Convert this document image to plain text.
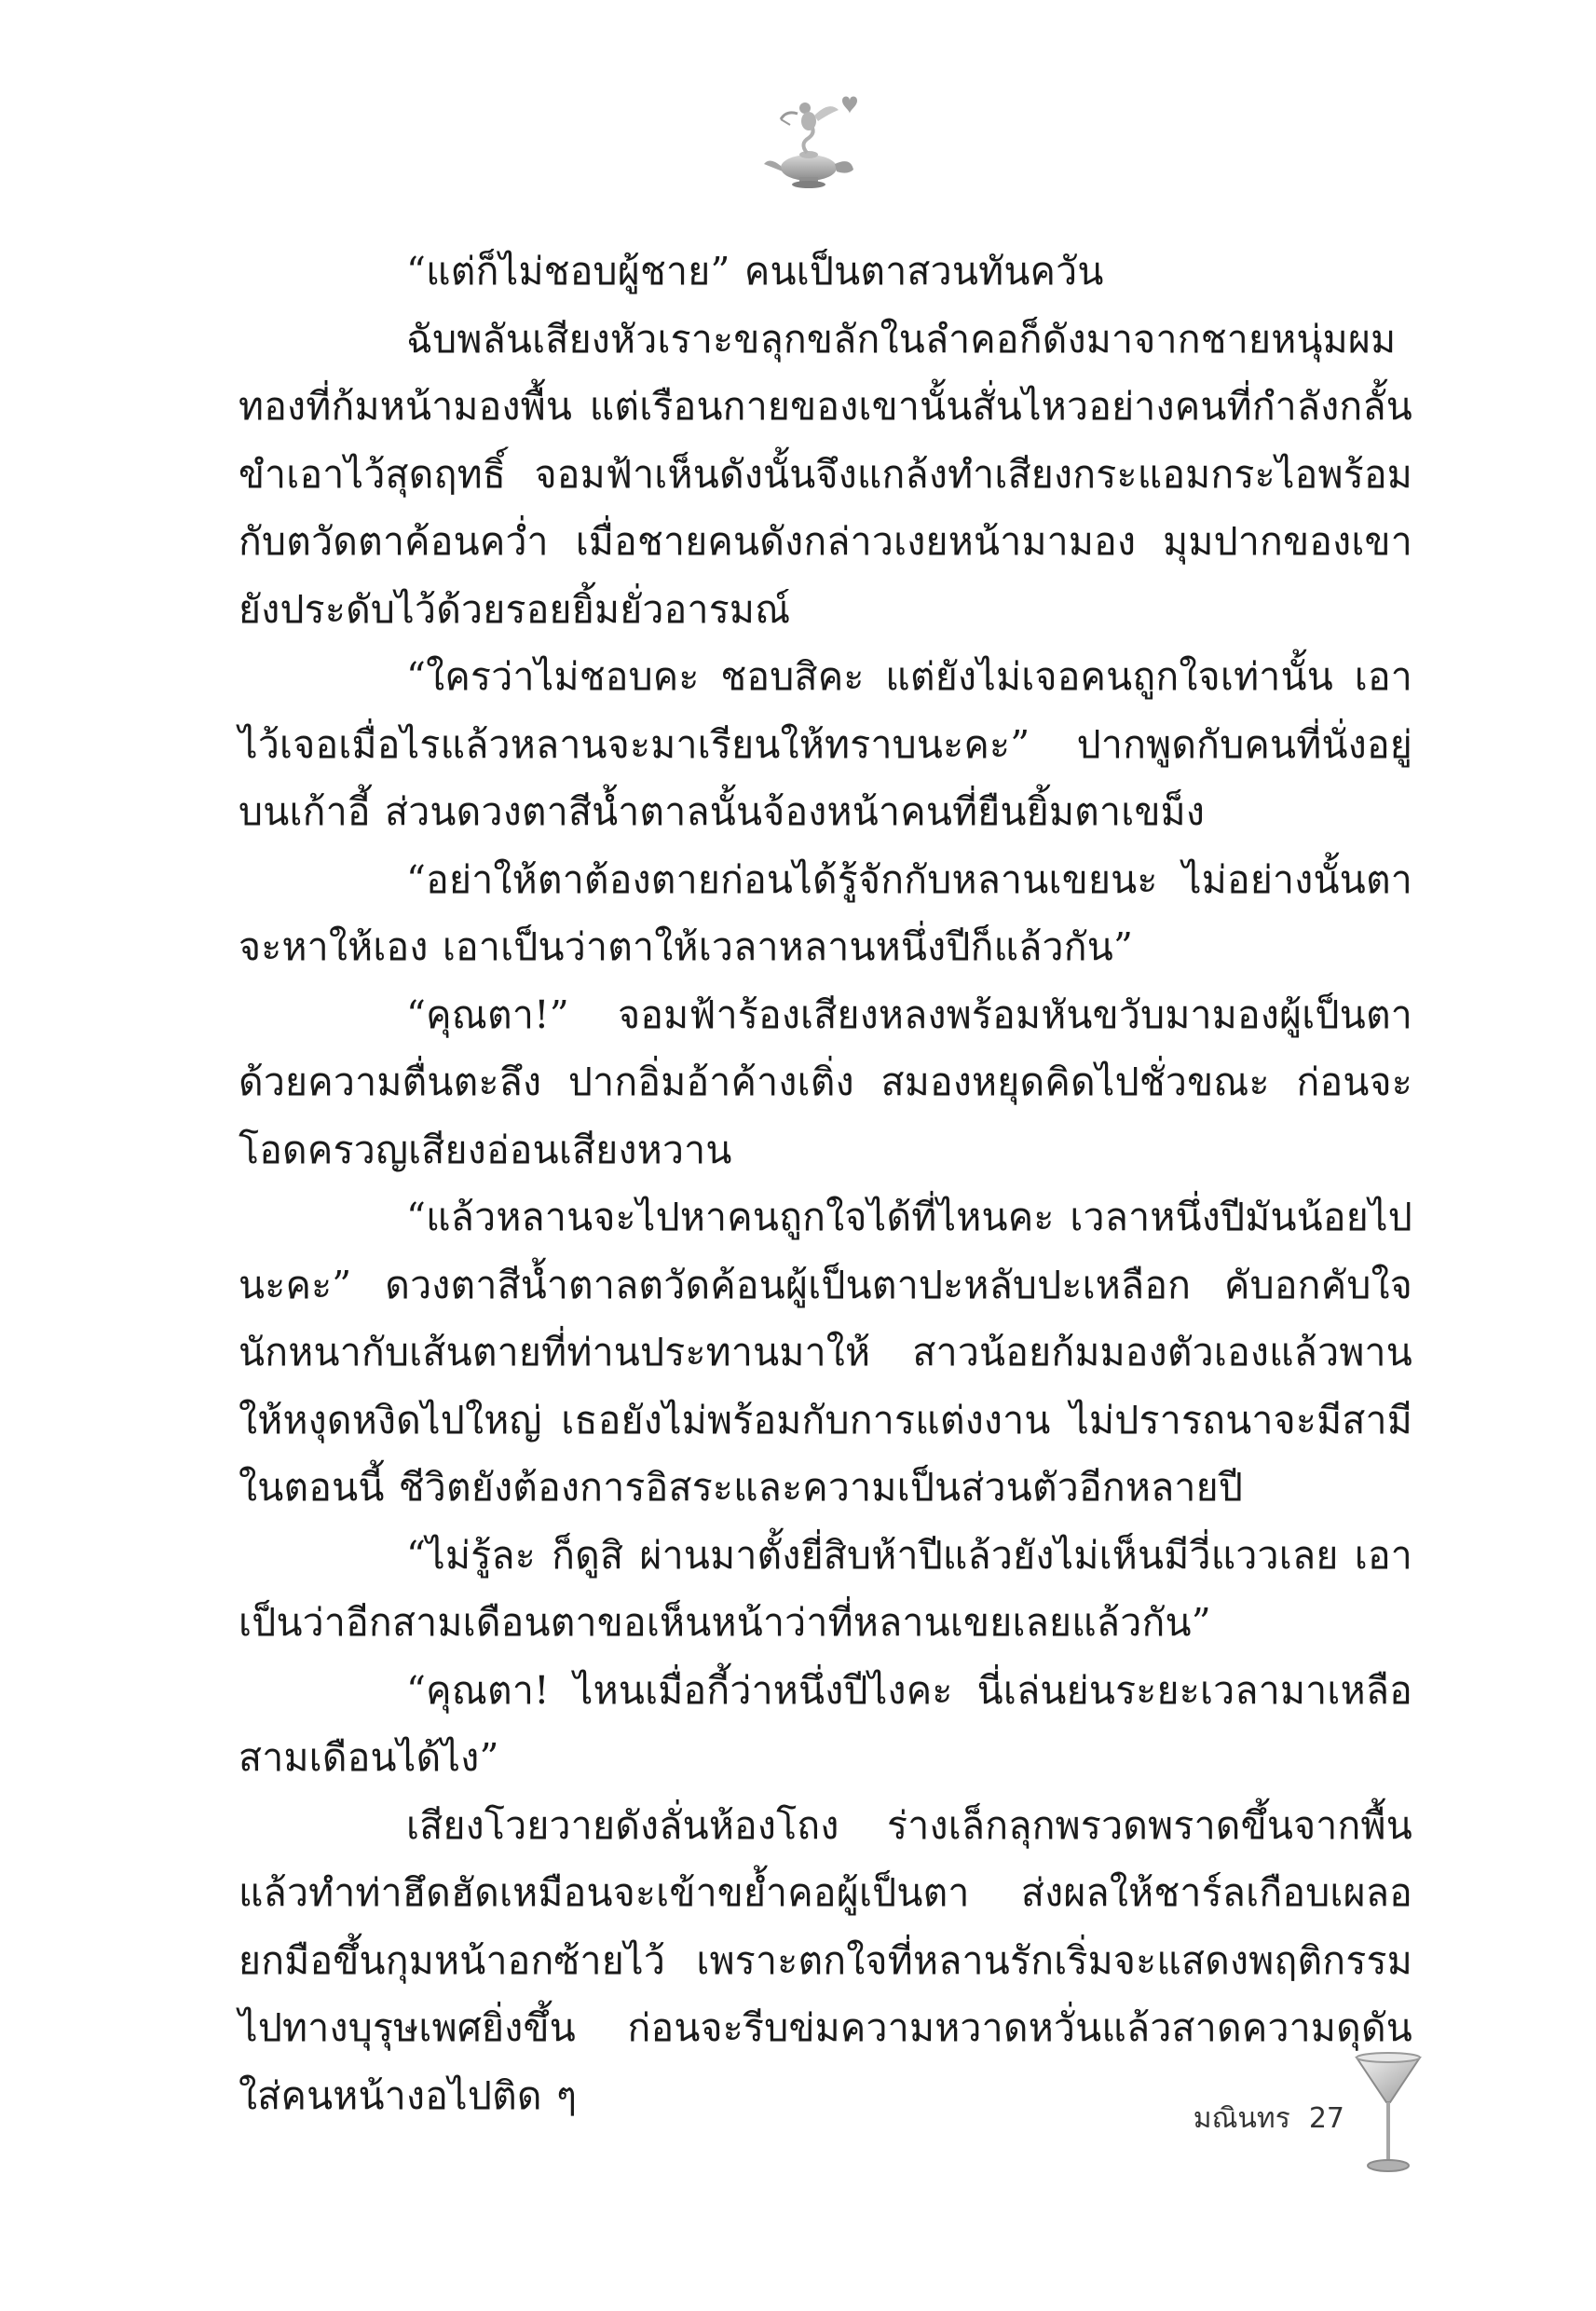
“แต่ก็ไม่ชอบผู้ชาย” คนเป็นตาสวนทันควัน

ฉับพลันเสียงหัวเราะขลุกขลักในลำคอก็ดังมาจากชายหนุ่มผมทองที่ก้มหน้ามองพื้น แต่เรือนกายของเขานั้นสั่นไหวอย่างคนที่กำลังกลั้นขำเอาไว้สุดฤทธิ์ จอมฟ้าเห็นดังนั้นจึงแกล้งทำเสียงกระแอมกระไอพร้อมกับตวัดตาค้อนคว่ำ เมื่อชายคนดังกล่าวเงยหน้ามามอง มุมปากของเขายังประดับไว้ด้วยรอยยิ้มยั่วอารมณ์

“ใครว่าไม่ชอบคะ ชอบสิคะ แต่ยังไม่เจอคนถูกใจเท่านั้น เอาไว้เจอเมื่อไรแล้วหลานจะมาเรียนให้ทราบนะคะ” ปากพูดกับคนที่นั่งอยู่บนเก้าอี้ ส่วนดวงตาสีน้ำตาลนั้นจ้องหน้าคนที่ยืนยิ้มตาเขม็ง

“อย่าให้ตาต้องตายก่อนได้รู้จักกับหลานเขยนะ ไม่อย่างนั้นตาจะหาให้เอง เอาเป็นว่าตาให้เวลาหลานหนึ่งปีก็แล้วกัน”

“คุณตา!” จอมฟ้าร้องเสียงหลงพร้อมหันขวับมามองผู้เป็นตาด้วยความตื่นตะลึง ปากอิ่มอ้าค้างเติ่ง สมองหยุดคิดไปชั่วขณะ ก่อนจะโอดครวญเสียงอ่อนเสียงหวาน

“แล้วหลานจะไปหาคนถูกใจได้ที่ไหนคะ เวลาหนึ่งปีมันน้อยไปนะคะ” ดวงตาสีน้ำตาลตวัดค้อนผู้เป็นตาปะหลับปะเหลือก คับอกคับใจนักหนากับเส้นตายที่ท่านประทานมาให้ สาวน้อยก้มมองตัวเองแล้วพานให้หงุดหงิดไปใหญ่ เธอยังไม่พร้อมกับการแต่งงาน ไม่ปรารถนาจะมีสามีในตอนนี้ ชีวิตยังต้องการอิสระและความเป็นส่วนตัวอีกหลายปี

“ไม่รู้ละ ก็ดูสิ ผ่านมาตั้งยี่สิบห้าปีแล้วยังไม่เห็นมีวี่แววเลย เอาเป็นว่าอีกสามเดือนตาขอเห็นหน้าว่าที่หลานเขยเลยแล้วกัน”

“คุณตา! ไหนเมื่อกี้ว่าหนึ่งปีไงคะ นี่เล่นย่นระยะเวลามาเหลือสามเดือนได้ไง”

เสียงโวยวายดังลั่นห้องโถง ร่างเล็กลุกพรวดพราดขึ้นจากพื้นแล้วทำท่าฮึดฮัดเหมือนจะเข้าขย้ำคอผู้เป็นตา ส่งผลให้ชาร์ลเกือบเผลอยกมือขึ้นกุมหน้าอกซ้ายไว้ เพราะตกใจที่หลานรักเริ่มจะแสดงพฤติกรรมไปทางบุรุษเพศยิ่งขึ้น ก่อนจะรีบข่มความหวาดหวั่นแล้วสาดความดุดันใส่คนหน้างอไปติด ๆ

มณินทร 27
